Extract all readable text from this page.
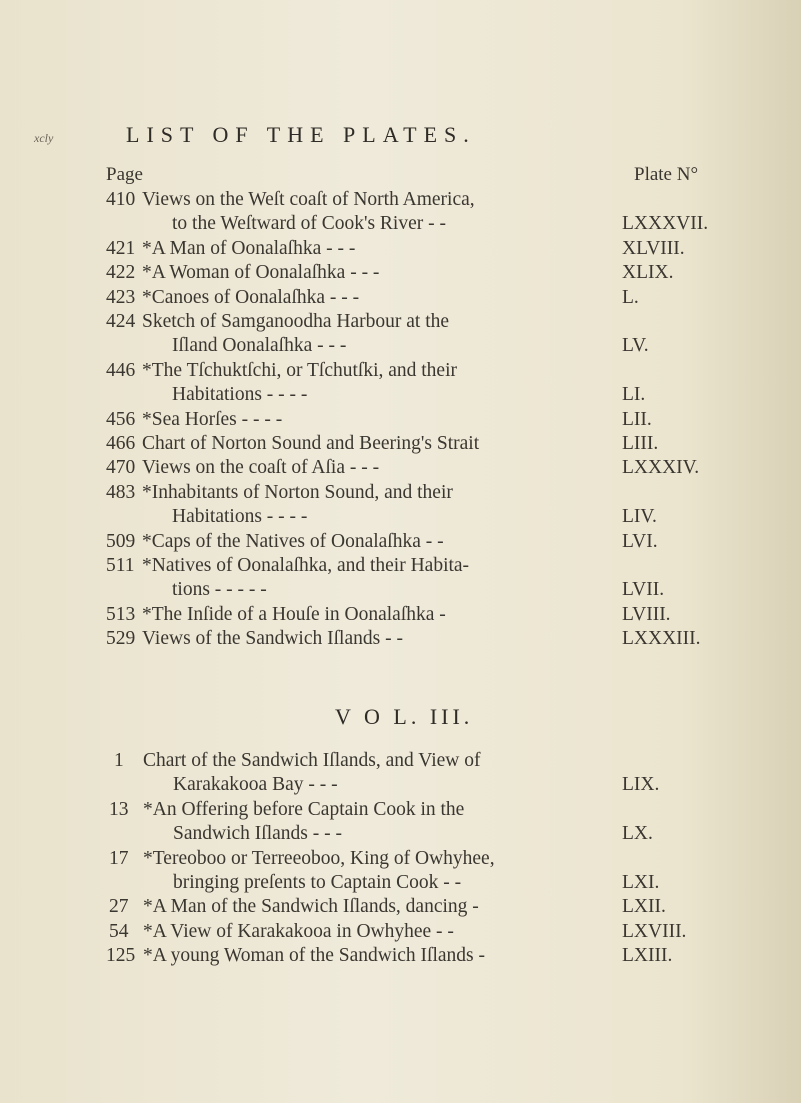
xcly	LIST OF THE PLATES.
Page	Plate N°
410 Views on the Weſt coaſt of North America,
to the Weſtward of Cook's River - -	LXXXVII.
421 *A Man of Oonalaſhka - - -	XLVIII.
422 *A Woman of Oonalaſhka - - -	XLIX.
423 *Canoes of Oonalaſhka - - -	L.
424 Sketch of Samganoodha Harbour at the
Iſland Oonalaſhka - - -	LV.
446 *The Tſchuktſchi, or Tſchutſki, and their
Habitations - - - -	LI.
456 *Sea Horſes - - - -	LII.
466 Chart of Norton Sound and Beering's Strait	LIII.
470 Views on the coaſt of Aſia - - -	LXXXIV.
483 *Inhabitants of Norton Sound, and their
Habitations - - - -	LIV.
509 *Caps of the Natives of Oonalaſhka - -	LVI.
511 *Natives of Oonalaſhka, and their Habita-
tions - - - - -	LVII.
513 *The Inſide of a Houſe in Oonalaſhka -	LVIII.
529 Views of the Sandwich Iſlands - -	LXXXIII.
V O L. III.
1 Chart of the Sandwich Iſlands, and View of
Karakakooa Bay - - -	LIX.
13 *An Offering before Captain Cook in the
Sandwich Iſlands - - -	LX.
17 *Tereoboo or Terreeoboo, King of Owhyhee,
bringing preſents to Captain Cook - -	LXI.
27 *A Man of the Sandwich Iſlands, dancing -	LXII.
54 *A View of Karakakooa in Owhyhee - -	LXVIII.
125 *A young Woman of the Sandwich Iſlands -	LXIII.
